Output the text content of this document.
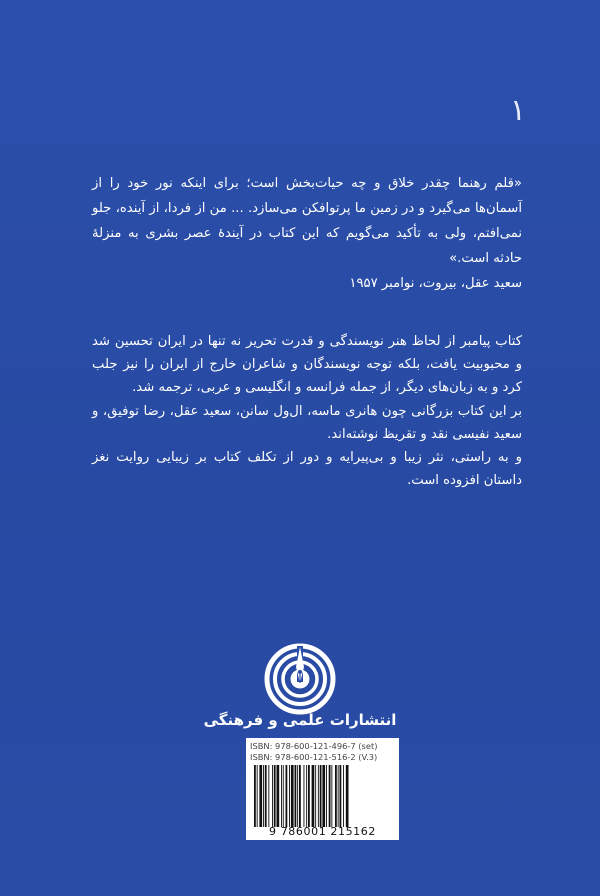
۱
«قلم رهنما چقدر خلاق و چه حیات‌بخش است؛ برای اینکه نور خود را از آسمان‌ها می‌گیرد و در زمین ما پرتوافکن می‌سازد. ... من از فردا، از آینده، جلو نمی‌افتم، ولی به تأکید می‌گویم که این کتاب در آیندهٔ عصر بشری به منزلهٔ حادثه است.»
سعید عقل، بیروت، نوامبر ۱۹۵۷

کتاب پیامبر از لحاظ هنر نویسندگی و قدرت تحریر نه تنها در ایران تحسین شد و محبوبیت یافت، بلکه توجه نویسندگان و شاعران خارج از ایران را نیز جلب کرد و به زبان‌های دیگر، از جمله فرانسه و انگلیسی و عربی، ترجمه شد.

بر این کتاب بزرگانی چون هانری ماسه، ال‌ول سانن، سعید عقل، رضا توفیق، و سعید نفیسی نقد و تقریظ نوشته‌اند.

و به راستی، نثر زیبا و بی‌پیرایه و دور از تکلف کتاب بر زیبایی روایت نغز داستان افزوده است.

انتشارات علمی و فرهنگی
ISBN: 978-600-121-496-7 (set)
ISBN: 978-600-121-516-2 (V.3)
9 786001 215162
